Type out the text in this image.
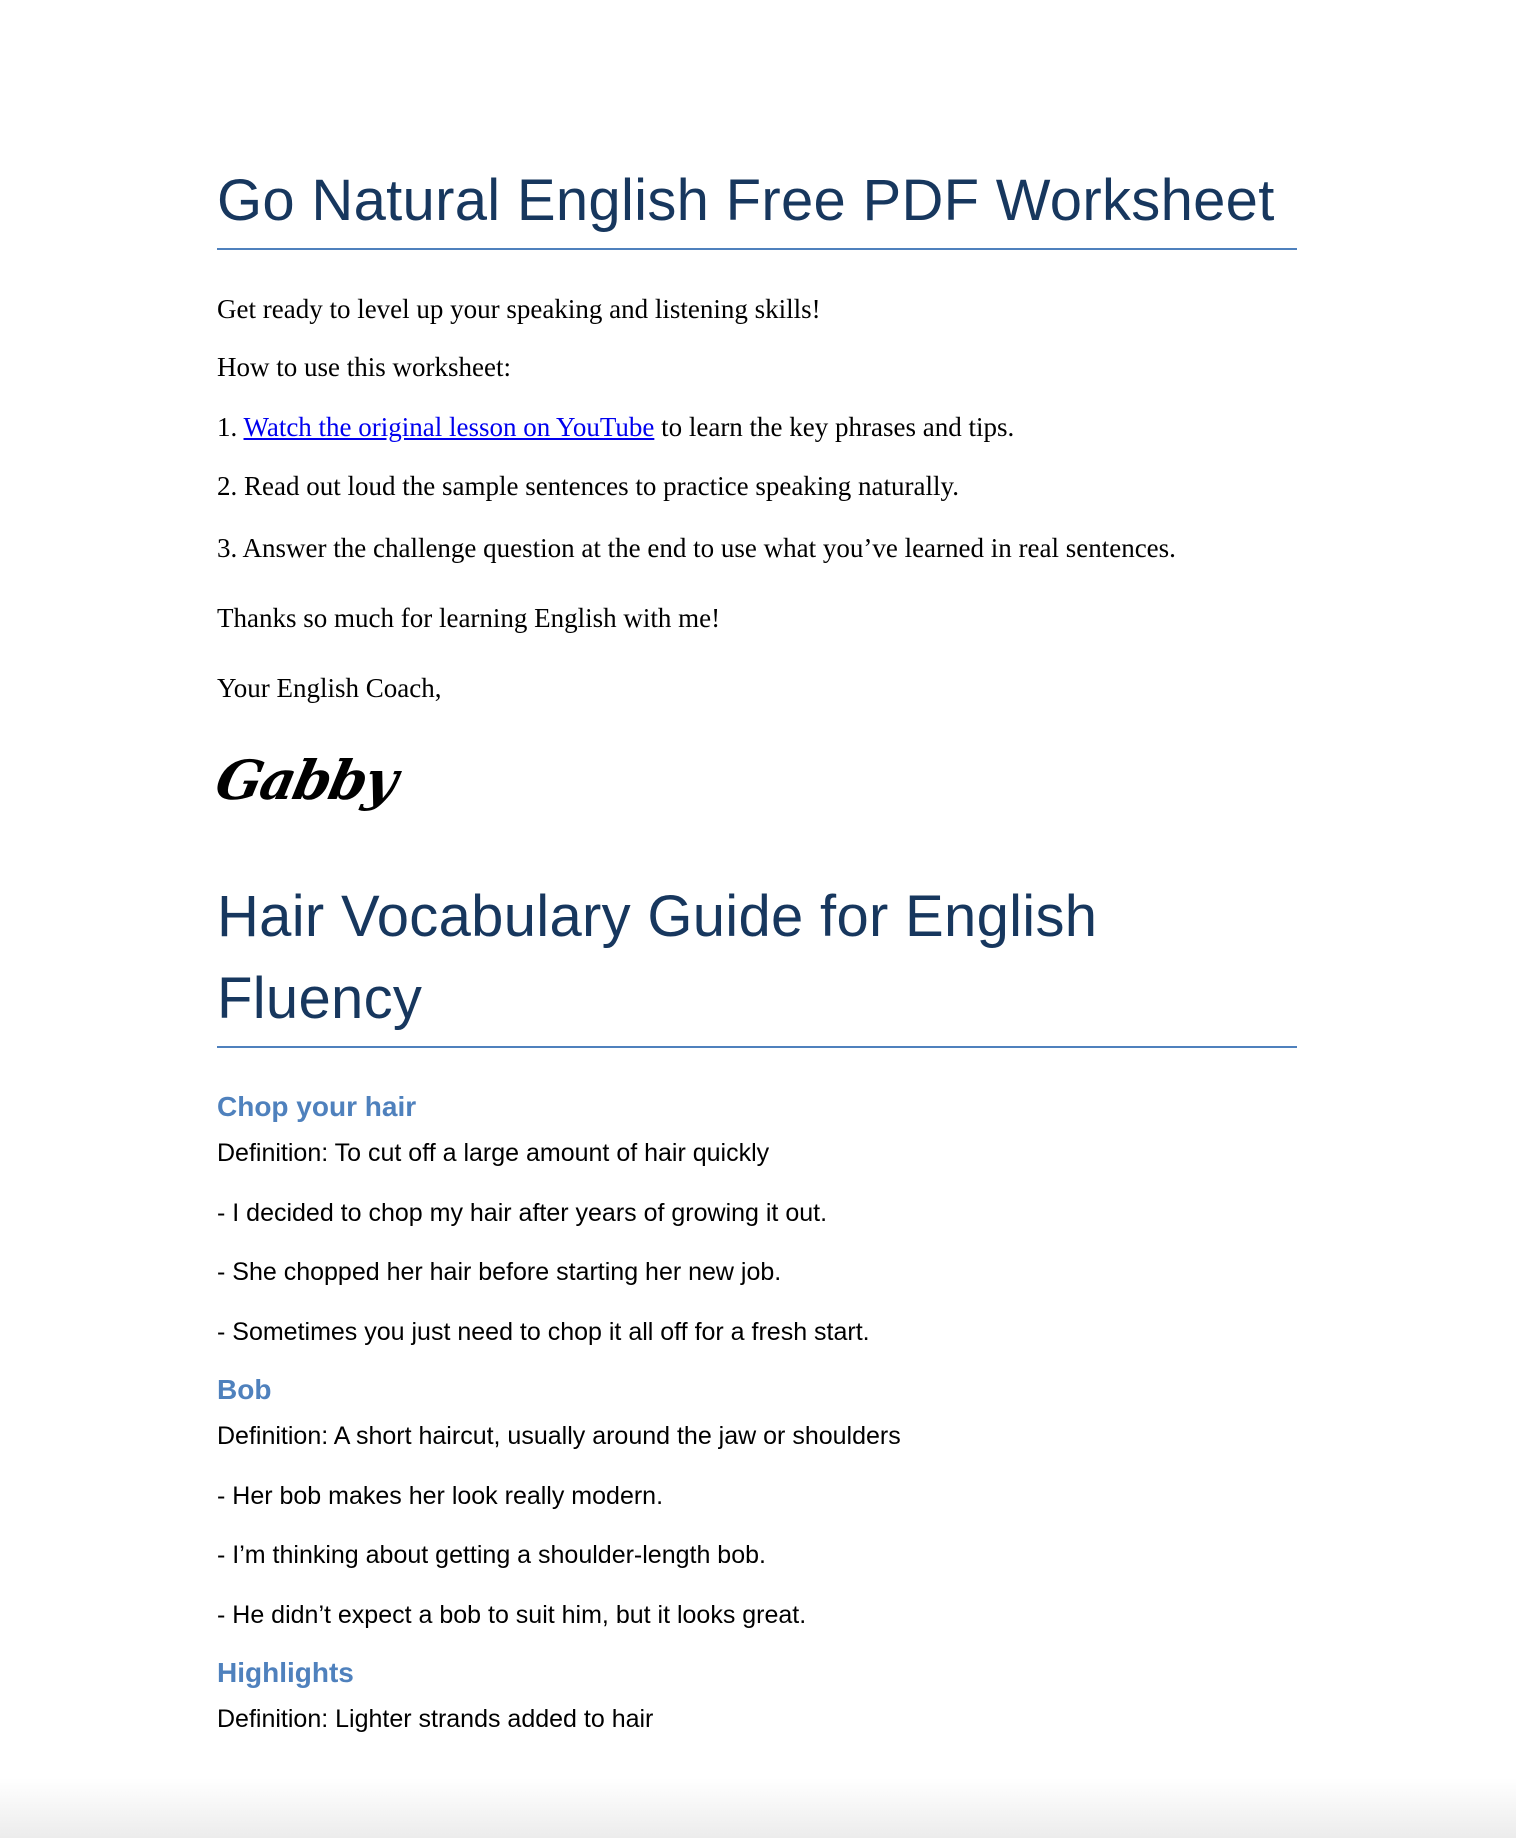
Go Natural English Free PDF Worksheet
Get ready to level up your speaking and listening skills!
How to use this worksheet:
1. Watch the original lesson on YouTube to learn the key phrases and tips.
2. Read out loud the sample sentences to practice speaking naturally.
3. Answer the challenge question at the end to use what you’ve learned in real sentences.
Thanks so much for learning English with me!
Your English Coach,
Gabby
Hair Vocabulary Guide for English
Fluency
Chop your hair
Definition: To cut off a large amount of hair quickly
- I decided to chop my hair after years of growing it out.
- She chopped her hair before starting her new job.
- Sometimes you just need to chop it all off for a fresh start.
Bob
Definition: A short haircut, usually around the jaw or shoulders
- Her bob makes her look really modern.
- I’m thinking about getting a shoulder-length bob.
- He didn’t expect a bob to suit him, but it looks great.
Highlights
Definition: Lighter strands added to hair
